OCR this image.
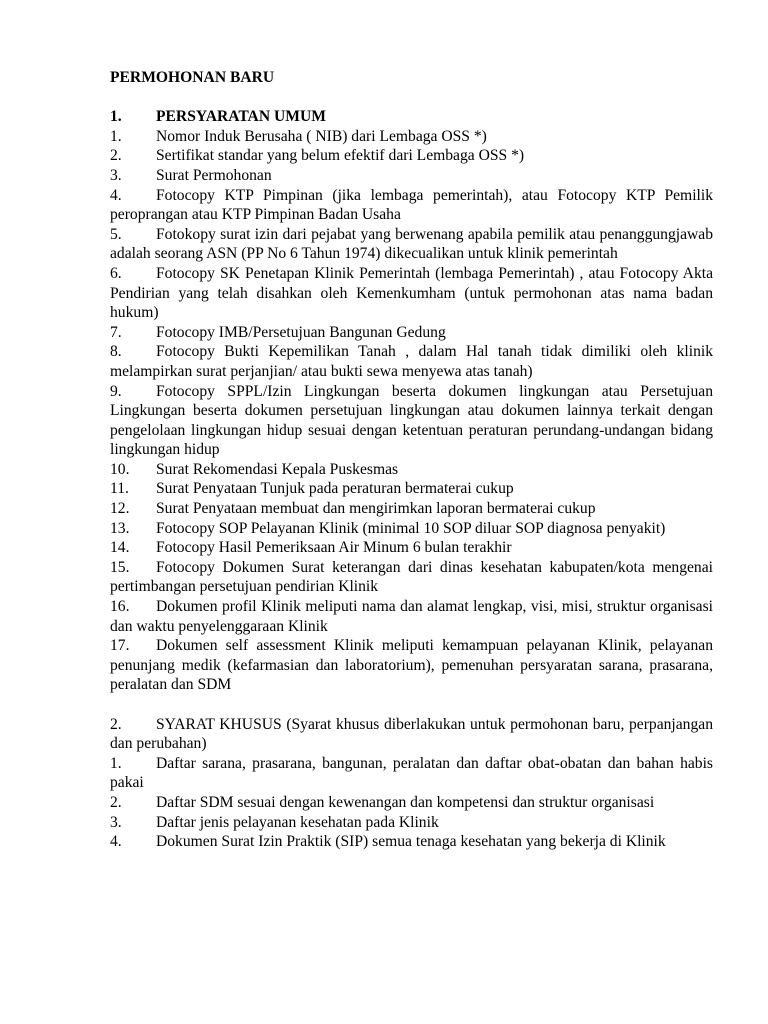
PERMOHONAN BARU

1. PERSYARATAN UMUM

1. Nomor Induk Berusaha ( NIB) dari Lembaga OSS *)

2. Sertifikat standar yang belum efektif dari Lembaga OSS *)

3. Surat Permohonan

4. Fotocopy KTP Pimpinan (jika lembaga pemerintah), atau Fotocopy KTP Pemilik peroprangan atau KTP Pimpinan Badan Usaha

5. Fotokopy surat izin dari pejabat yang berwenang apabila pemilik atau penanggungjawab adalah seorang ASN (PP No 6 Tahun 1974) dikecualikan untuk klinik pemerintah

6. Fotocopy SK Penetapan Klinik Pemerintah (lembaga Pemerintah) , atau Fotocopy Akta Pendirian yang telah disahkan oleh Kemenkumham (untuk permohonan atas nama badan hukum)

7. Fotocopy IMB/Persetujuan Bangunan Gedung

8. Fotocopy Bukti Kepemilikan Tanah , dalam Hal tanah tidak dimiliki oleh klinik melampirkan surat perjanjian/ atau bukti sewa menyewa atas tanah)

9. Fotocopy SPPL/Izin Lingkungan beserta dokumen lingkungan atau Persetujuan Lingkungan beserta dokumen persetujuan lingkungan atau dokumen lainnya terkait dengan pengelolaan lingkungan hidup sesuai dengan ketentuan peraturan perundang-undangan bidang lingkungan hidup

10. Surat Rekomendasi Kepala Puskesmas

11. Surat Penyataan Tunjuk pada peraturan bermaterai cukup

12. Surat Penyataan membuat dan mengirimkan laporan bermaterai cukup

13. Fotocopy SOP Pelayanan Klinik (minimal 10 SOP diluar SOP diagnosa penyakit)

14. Fotocopy Hasil Pemeriksaan Air Minum 6 bulan terakhir

15. Fotocopy Dokumen Surat keterangan dari dinas kesehatan kabupaten/kota mengenai pertimbangan persetujuan pendirian Klinik

16. Dokumen profil Klinik meliputi nama dan alamat lengkap, visi, misi, struktur organisasi dan waktu penyelenggaraan Klinik

17. Dokumen self assessment Klinik meliputi kemampuan pelayanan Klinik, pelayanan penunjang medik (kefarmasian dan laboratorium), pemenuhan persyaratan sarana, prasarana, peralatan dan SDM

2. SYARAT KHUSUS (Syarat khusus diberlakukan untuk permohonan baru, perpanjangan dan perubahan)

1. Daftar sarana, prasarana, bangunan, peralatan dan daftar obat-obatan dan bahan habis pakai

2. Daftar SDM sesuai dengan kewenangan dan kompetensi dan struktur organisasi

3. Daftar jenis pelayanan kesehatan pada Klinik

4. Dokumen Surat Izin Praktik (SIP) semua tenaga kesehatan yang bekerja di Klinik
